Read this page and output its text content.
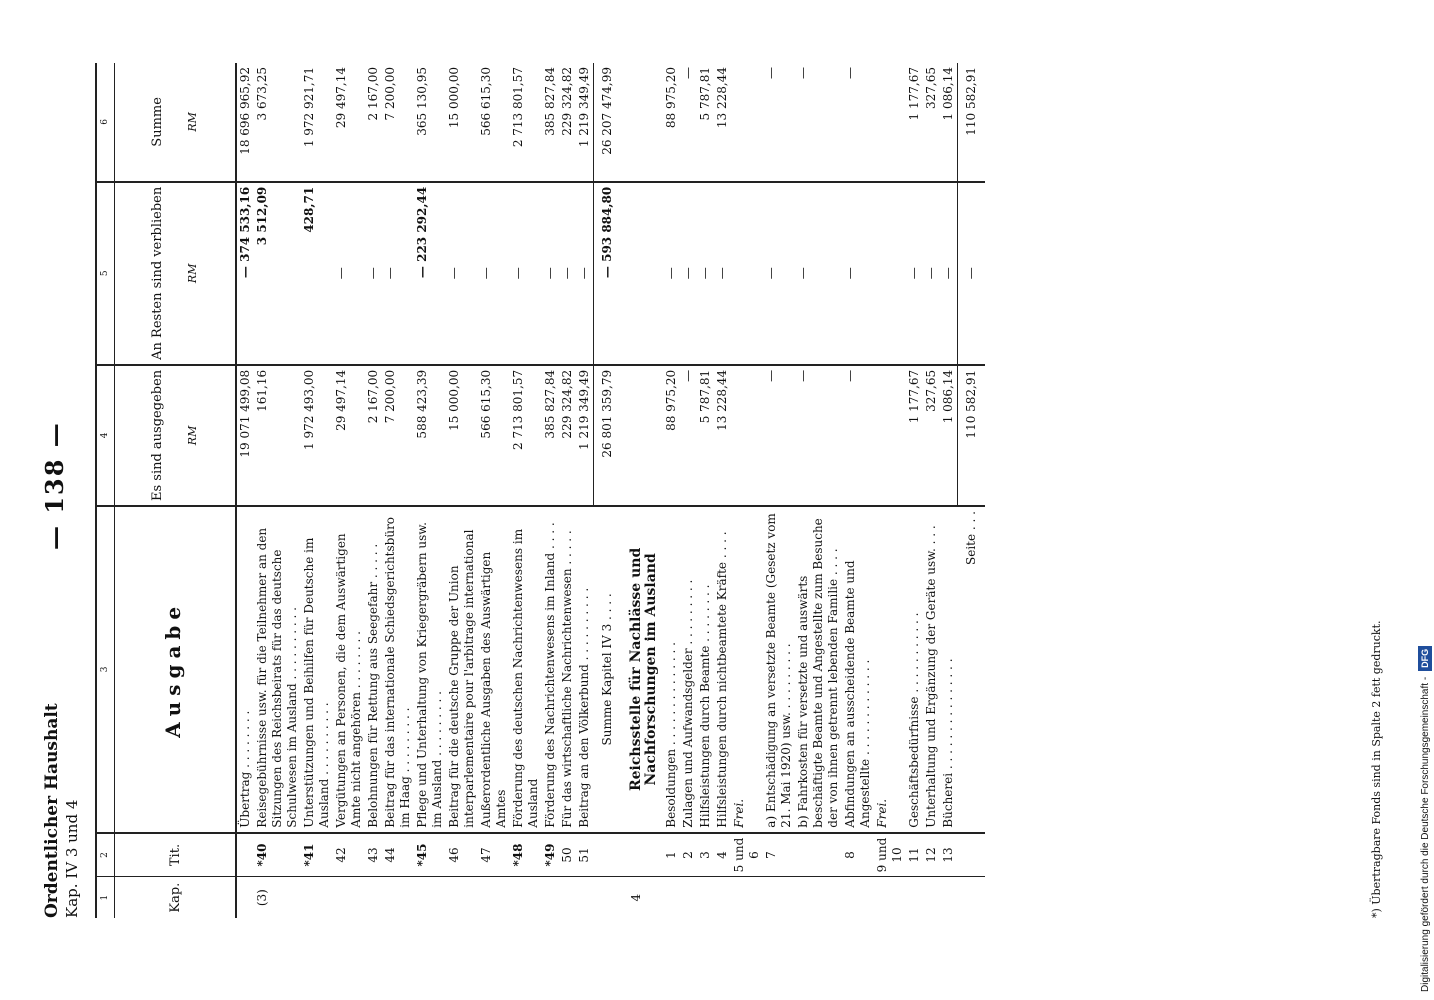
Ordentlicher Haushalt Kap. IV 3 und 4
— 138 —
1	2	3	4	5	6
Kap.	Tit.	Ausgabe	Es sind ausgegeben RM	An Resten sind verblieben RM	Summe RM

		Übertrag . . . . . . . .	19 071 499,08	— 374 533,16	18 696 965,92
(3)	*40	Reisegebührnisse usw. für die Teilnehmer an den Sitzungen des Reichsbeirats für das deutsche Schulwesen im Ausland . . . . . . . . . .	161,16	3 512,09	3 673,25
	*41	Unterstützungen und Beihilfen für Deutsche im Ausland . . . . . . . . . .	1 972 493,00	428,71	1 972 921,71
	42	Vergütungen an Personen, die dem Auswärtigen Amte nicht angehören . . . . . . . .	29 497,14	—	29 497,14
	43	Belohnungen für Rettung aus Seegefahr . . . . .	2 167,00	—	2 167,00
	44	Beitrag für das internationale Schiedsgerichtsbüro im Haag . . . . . . . . .	7 200,00	—	7 200,00
	*45	Pflege und Unterhaltung von Kriegergräbern usw. im Ausland . . . . . . . . .	588 423,39	— 223 292,44	365 130,95
	46	Beitrag für die deutsche Gruppe der Union interparlementaire pour l'arbitrage international	15 000,00	—	15 000,00
	47	Außerordentliche Ausgaben des Auswärtigen Amtes	566 615,30	—	566 615,30
	*48	Förderung des deutschen Nachrichtenwesens im Ausland	2 713 801,57	—	2 713 801,57
	*49	Förderung des Nachrichtenwesens im Inland . . . .	385 827,84	—	385 827,84
	50	Für das wirtschaftliche Nachrichtenwesen . . . . .	229 324,82	—	229 324,82
	51	Beitrag an den Völkerbund . . . . . . . . . .	1 219 349,49	—	1 219 349,49
		Summe Kapitel IV 3 . . . .	26 801 359,79	— 593 884,80	26 207 474,99
4		Reichsstelle für Nachlässe und Nachforschungen im Ausland			
	1	Besoldungen . . . . . . . . . . . . . .	88 975,20	—	88 975,20
	2	Zulagen und Aufwandsgelder . . . . . . . . .	—	—	—
	3	Hilfsleistungen durch Beamte . . . . . . . .	5 787,81	—	5 787,81
	4	Hilfsleistungen durch nichtbeamtete Kräfte . . . .	13 228,44	—	13 228,44
	5 und 6	Frei.			
	7	a) Entschädigung an versetzte Beamte (Gesetz vom 21. Mai 1920) usw. . . . . . . . . .	—	—	—
		b) Fahrkosten für versetzte und auswärts beschäftigte Beamte und Angestellte zum Besuche der von ihnen getrennt lebenden Familie . . . .	—	—	—
	8	Abfindungen an ausscheidende Beamte und Angestellte . . . . . . . . . . . . .	—	—	—
	9 und 10	Frei.			
	11	Geschäftsbedürfnisse . . . . . . . . . . .	1 177,67	—	1 177,67
	12	Unterhaltung und Ergänzung der Geräte usw. . . .	327,65	—	327,65
	13	Bücherei . . . . . . . . . . . . . . .	1 086,14	—	1 086,14
		Seite . . .	110 582,91	—	110 582,91
*) Übertragbare Fonds sind in Spalte 2 fett gedruckt.	Digitalisierung gefördert durch die Deutsche Forschungsgemeinschaft -DFG
